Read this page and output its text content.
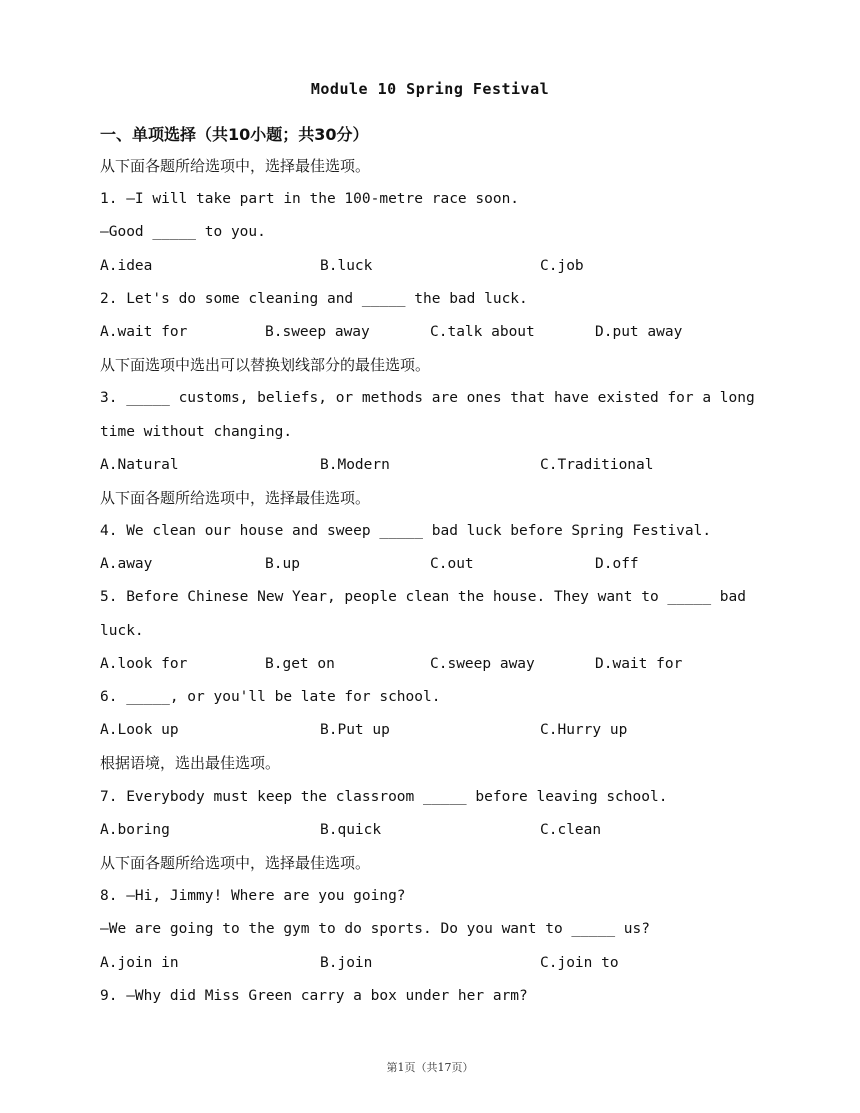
Module 10 Spring Festival
一、单项选择（共10小题；共30分）
从下面各题所给选项中，选择最佳选项。
1. —I will take part in the 100-metre race soon.
—Good _____ to you.
A.idea	B.luck	C.job
2. Let's do some cleaning and _____ the bad luck.
A.wait for	B.sweep away	C.talk about	D.put away
从下面选项中选出可以替换划线部分的最佳选项。
3. _____ customs, beliefs, or methods are ones that have existed for a long
time without changing.
A.Natural	B.Modern	C.Traditional
从下面各题所给选项中，选择最佳选项。
4. We clean our house and sweep _____ bad luck before Spring Festival.
A.away	B.up	C.out	D.off
5. Before Chinese New Year, people clean the house. They want to _____ bad
luck.
A.look for	B.get on	C.sweep away	D.wait for
6. _____, or you'll be late for school.
A.Look up	B.Put up	C.Hurry up
根据语境，选出最佳选项。
7. Everybody must keep the classroom _____ before leaving school.
A.boring	B.quick	C.clean
从下面各题所给选项中，选择最佳选项。
8. —Hi, Jimmy! Where are you going?
—We are going to the gym to do sports. Do you want to _____ us?
A.join in	B.join	C.join to
9. —Why did Miss Green carry a box under her arm?
第1页（共17页）
